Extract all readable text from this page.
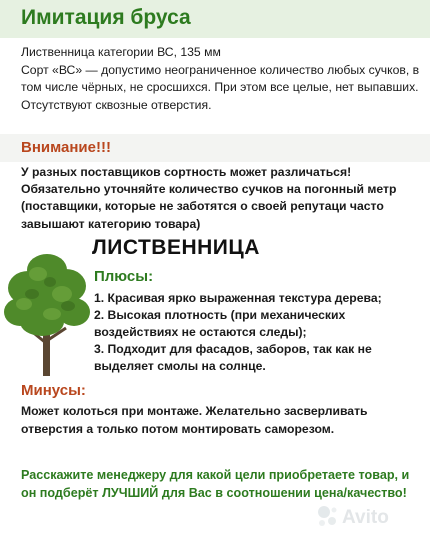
Имитация бруса

Лиственница категории ВС, 135 мм
Сорт «ВС» — допустимо неограниченное количество любых сучков, в том числе чёрных, не сросшихся. При этом все целые, нет выпавших. Отсутствуют сквозные отверстия.

Внимание!!!

У разных поставщиков сортность может различаться! Обязательно уточняйте количество сучков на погонный метр (поставщики, которые не заботятся о своей репутаци часто завышают категорию товара)

ЛИСТВЕННИЦА
Плюсы:
1. Красивая ярко выраженная текстура дерева;
2. Высокая плотность (при механических воздействиях не остаются следы);
3. Подходит для фасадов, заборов, так как не выделяет смолы на солнце.
Минусы:

Может колоться при монтаже. Желательно засверливать отверстия а только потом монтировать саморезом.

Расскажите менеджеру для какой цели приобретаете товар, и он подберёт ЛУЧШИЙ для Вас в соотношении цена/качество!

Avito
